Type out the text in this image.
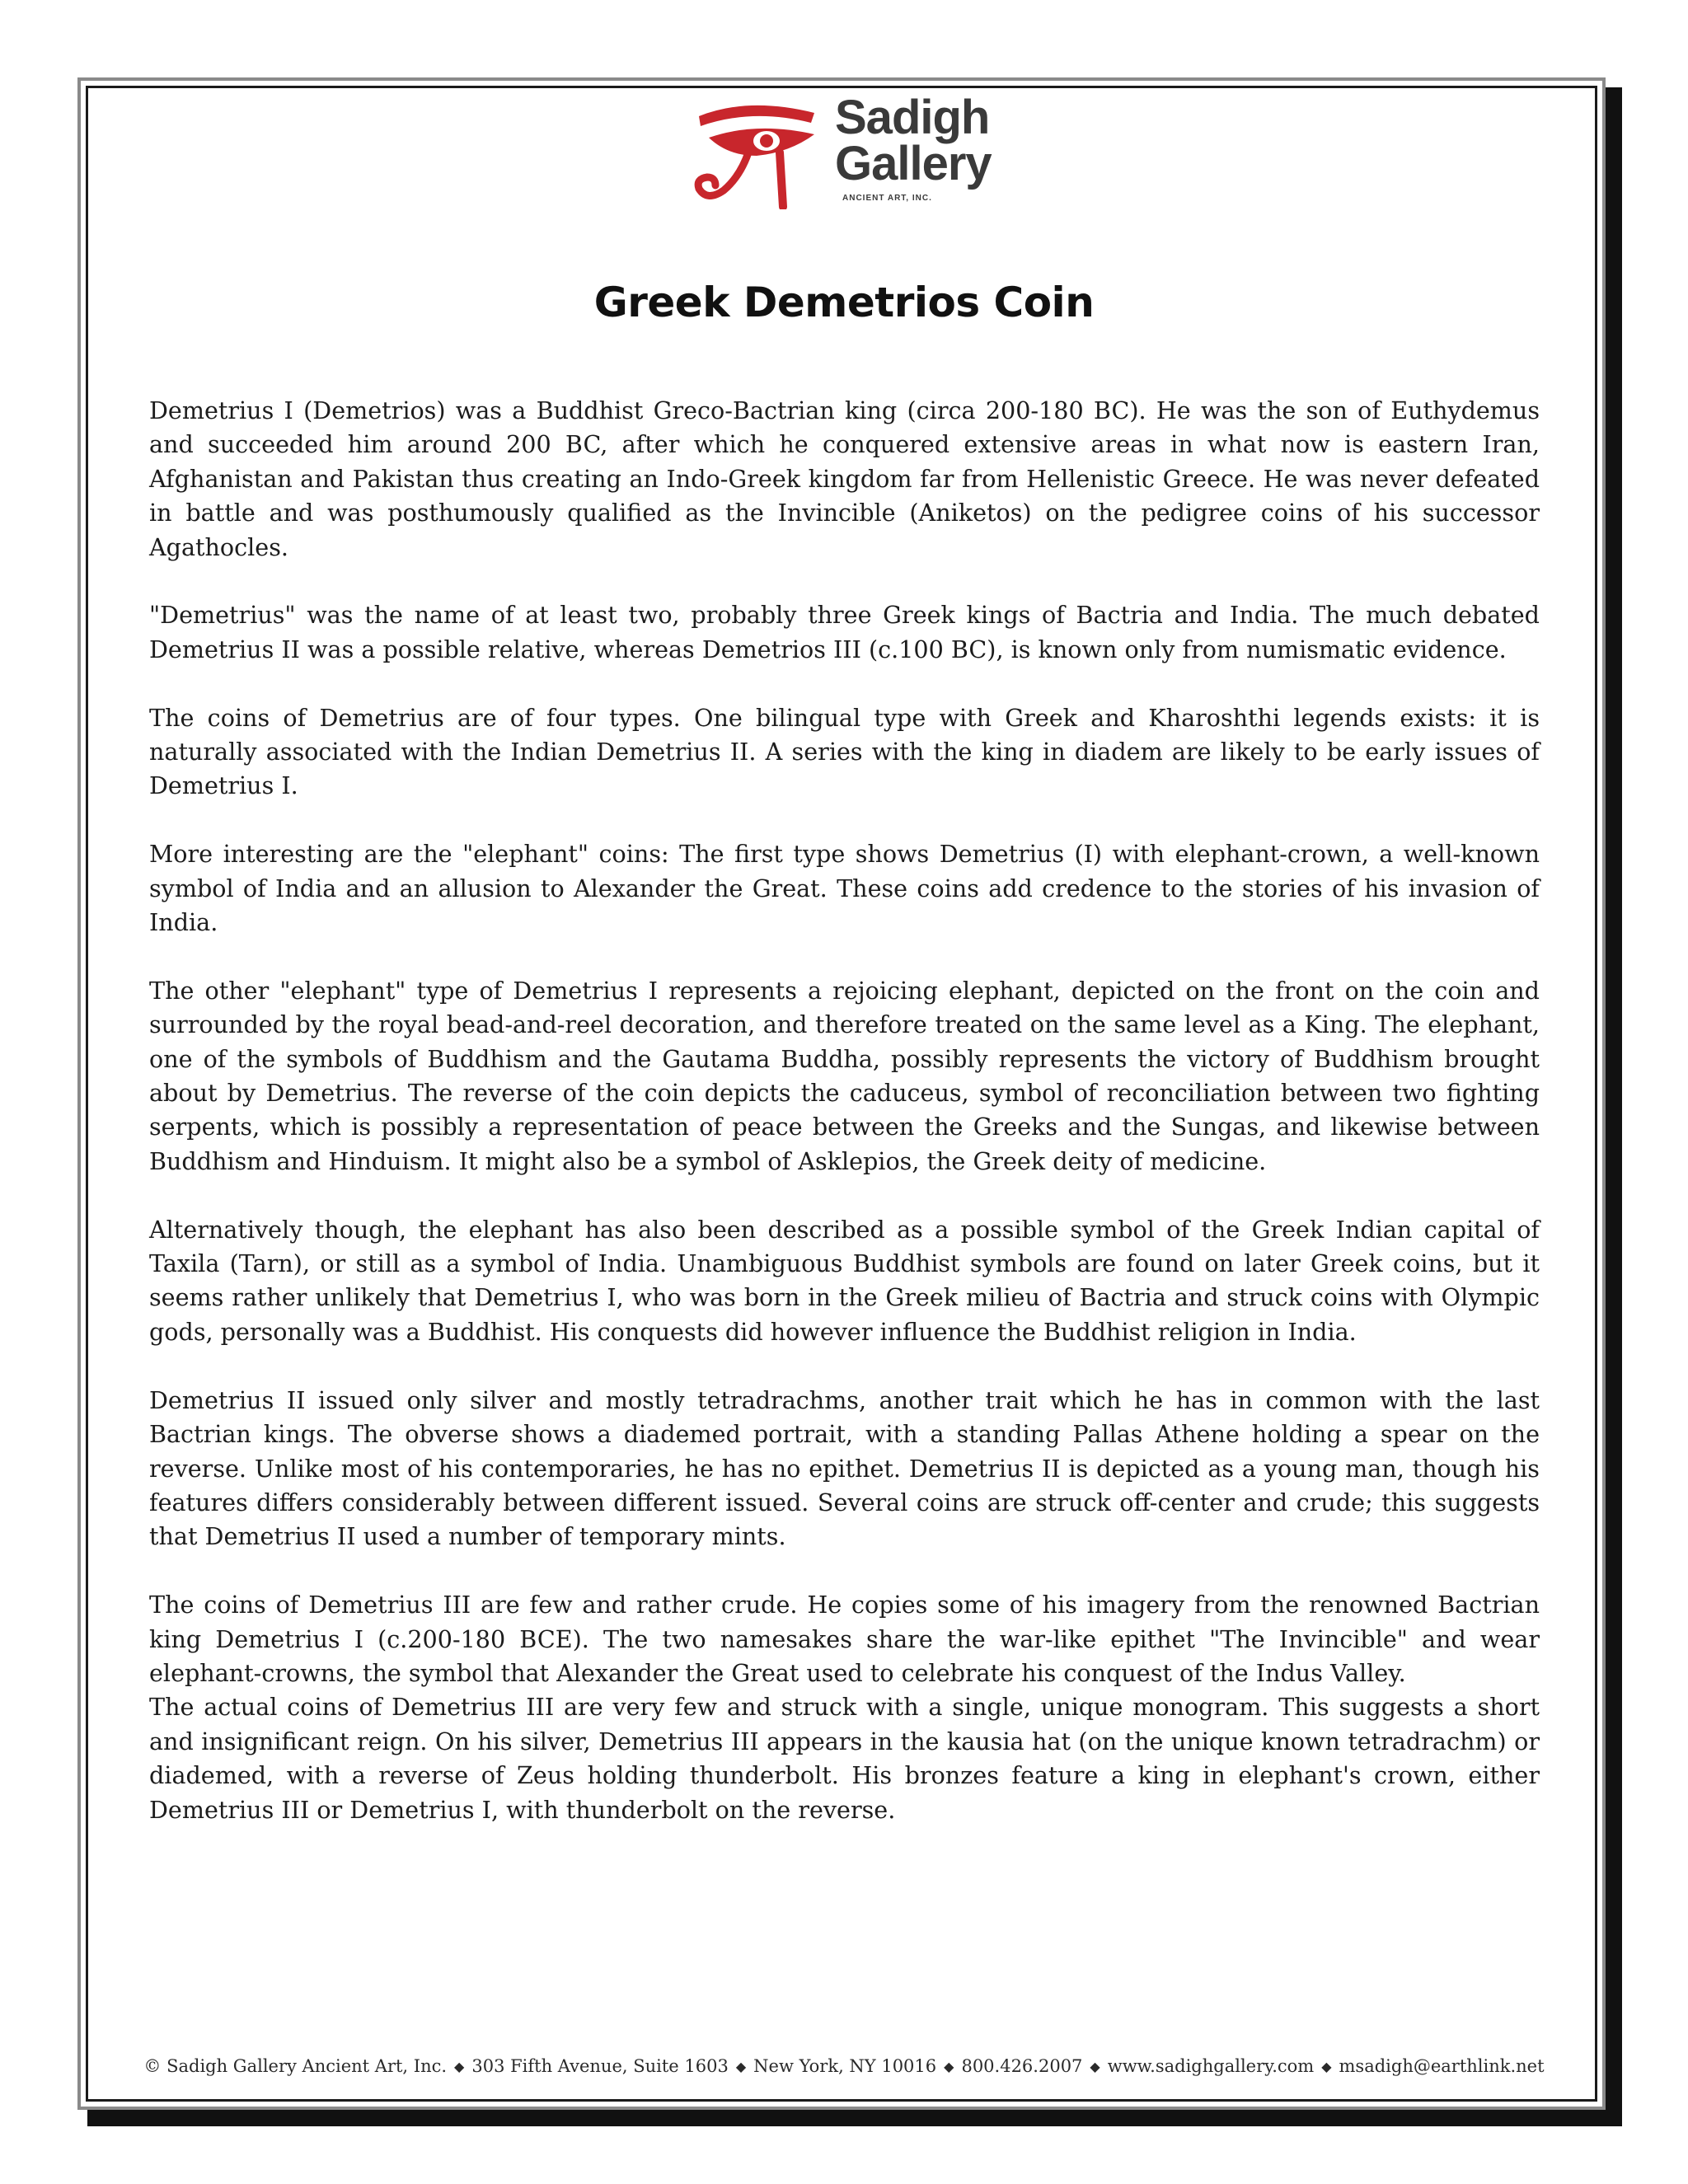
Sadigh
Gallery
ANCIENT ART, INC.
Greek Demetrios Coin

Demetrius I (Demetrios) was a Buddhist Greco-Bactrian king (circa 200-180 BC). He was the son of Euthydemus and succeeded him around 200 BC, after which he conquered extensive areas in what now is eastern Iran, Afghanistan and Pakistan thus creating an Indo-Greek kingdom far from Hellenistic Greece. He was never defeated in battle and was posthumously qualified as the Invincible (Aniketos) on the pedigree coins of his successor Agathocles.

"Demetrius" was the name of at least two, probably three Greek kings of Bactria and India. The much debated Demetrius II was a possible relative, whereas Demetrios III (c.100 BC), is known only from numismatic evidence.

The coins of Demetrius are of four types. One bilingual type with Greek and Kharoshthi legends exists: it is naturally associated with the Indian Demetrius II. A series with the king in diadem are likely to be early issues of Demetrius I.

More interesting are the "elephant" coins: The first type shows Demetrius (I) with elephant-crown, a well-known symbol of India and an allusion to Alexander the Great. These coins add credence to the stories of his invasion of India.

The other "elephant" type of Demetrius I represents a rejoicing elephant, depicted on the front on the coin and surrounded by the royal bead-and-reel decoration, and therefore treated on the same level as a King. The elephant, one of the symbols of Buddhism and the Gautama Buddha, possibly represents the victory of Buddhism brought about by Demetrius. The reverse of the coin depicts the caduceus, symbol of reconciliation between two fighting serpents, which is possibly a representation of peace between the Greeks and the Sungas, and likewise between Buddhism and Hinduism. It might also be a symbol of Asklepios, the Greek deity of medicine.

Alternatively though, the elephant has also been described as a possible symbol of the Greek Indian capital of Taxila (Tarn), or still as a symbol of India. Unambiguous Buddhist symbols are found on later Greek coins, but it seems rather unlikely that Demetrius I, who was born in the Greek milieu of Bactria and struck coins with Olympic gods, personally was a Buddhist. His conquests did however influence the Buddhist religion in India.

Demetrius II issued only silver and mostly tetradrachms, another trait which he has in common with the last Bactrian kings. The obverse shows a diademed portrait, with a standing Pallas Athene holding a spear on the reverse. Unlike most of his contemporaries, he has no epithet. Demetrius II is depicted as a young man, though his features differs considerably between different issued. Several coins are struck off-center and crude; this suggests that Demetrius II used a number of temporary mints.

The coins of Demetrius III are few and rather crude. He copies some of his imagery from the renowned Bactrian king Demetrius I (c.200-180 BCE). The two namesakes share the war-like epithet "The Invincible" and wear elephant-crowns, the symbol that Alexander the Great used to celebrate his conquest of the Indus Valley.

The actual coins of Demetrius III are very few and struck with a single, unique monogram. This suggests a short and insignificant reign. On his silver, Demetrius III appears in the kausia hat (on the unique known tetradrachm) or diademed, with a reverse of Zeus holding thunderbolt. His bronzes feature a king in elephant's crown, either Demetrius III or Demetrius I, with thunderbolt on the reverse.

© Sadigh Gallery Ancient Art, Inc. ◆ 303 Fifth Avenue, Suite 1603 ◆ New York, NY 10016 ◆ 800.426.2007 ◆ www.sadighgallery.com ◆ msadigh@earthlink.net
